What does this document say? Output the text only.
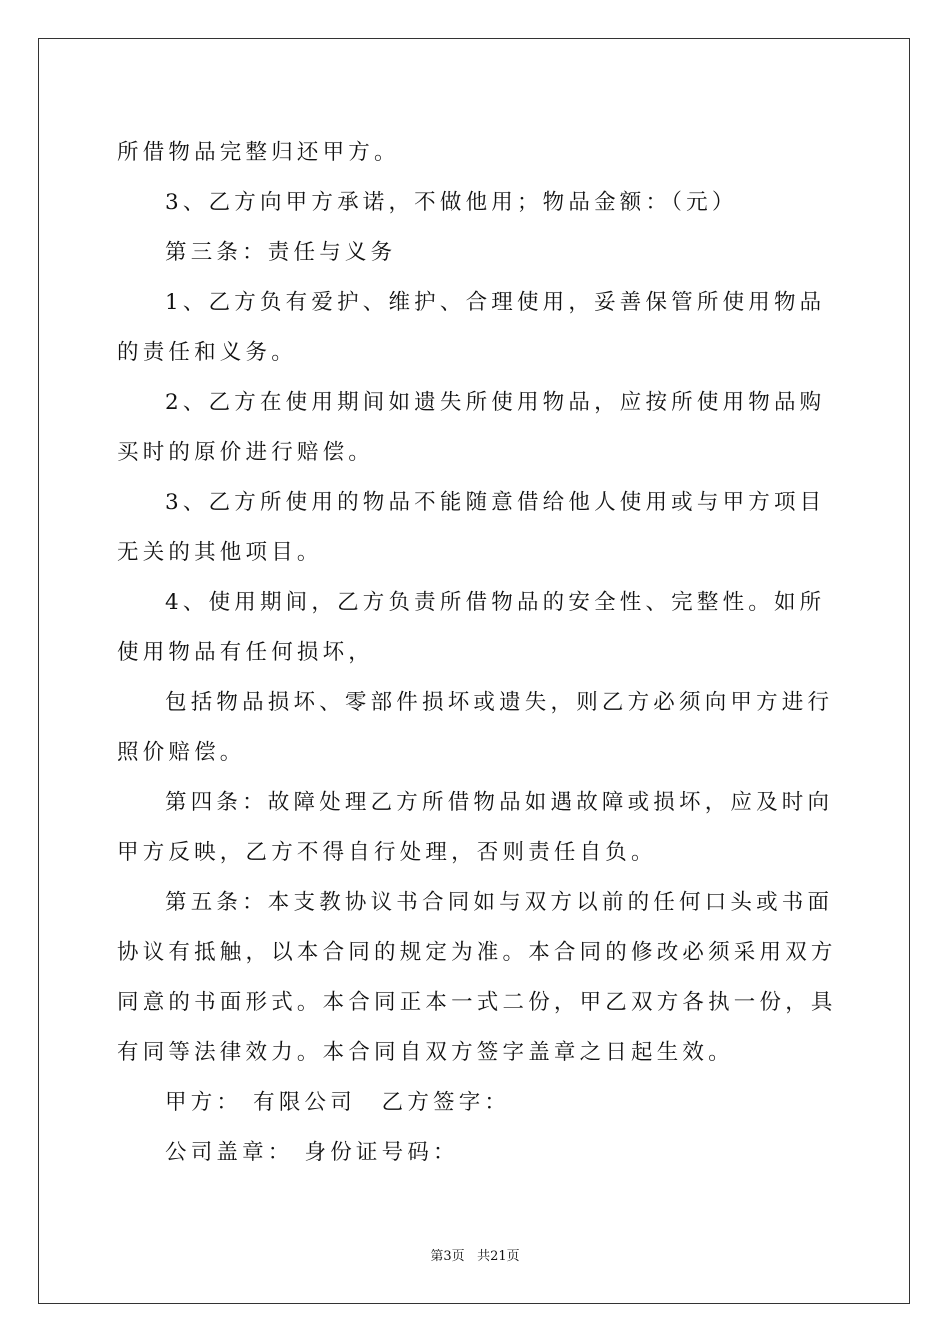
所借物品完整归还甲方。

3、乙方向甲方承诺，不做他用；物品金额：（元）

第三条：责任与义务

1、乙方负有爱护、维护、合理使用，妥善保管所使用物品的责任和义务。

2、乙方在使用期间如遗失所使用物品，应按所使用物品购买时的原价进行赔偿。

3、乙方所使用的物品不能随意借给他人使用或与甲方项目无关的其他项目。

4、使用期间，乙方负责所借物品的安全性、完整性。如所使用物品有任何损坏，

包括物品损坏、零部件损坏或遗失，则乙方必须向甲方进行照价赔偿。

第四条：故障处理乙方所借物品如遇故障或损坏，应及时向甲方反映，乙方不得自行处理，否则责任自负。

第五条：本支教协议书合同如与双方以前的任何口头或书面协议有抵触，以本合同的规定为准。本合同的修改必须采用双方同意的书面形式。本合同正本一式二份，甲乙双方各执一份，具有同等法律效力。本合同自双方签字盖章之日起生效。

甲方： 有限公司　乙方签字：

公司盖章： 身份证号码：

第3页 共21页
